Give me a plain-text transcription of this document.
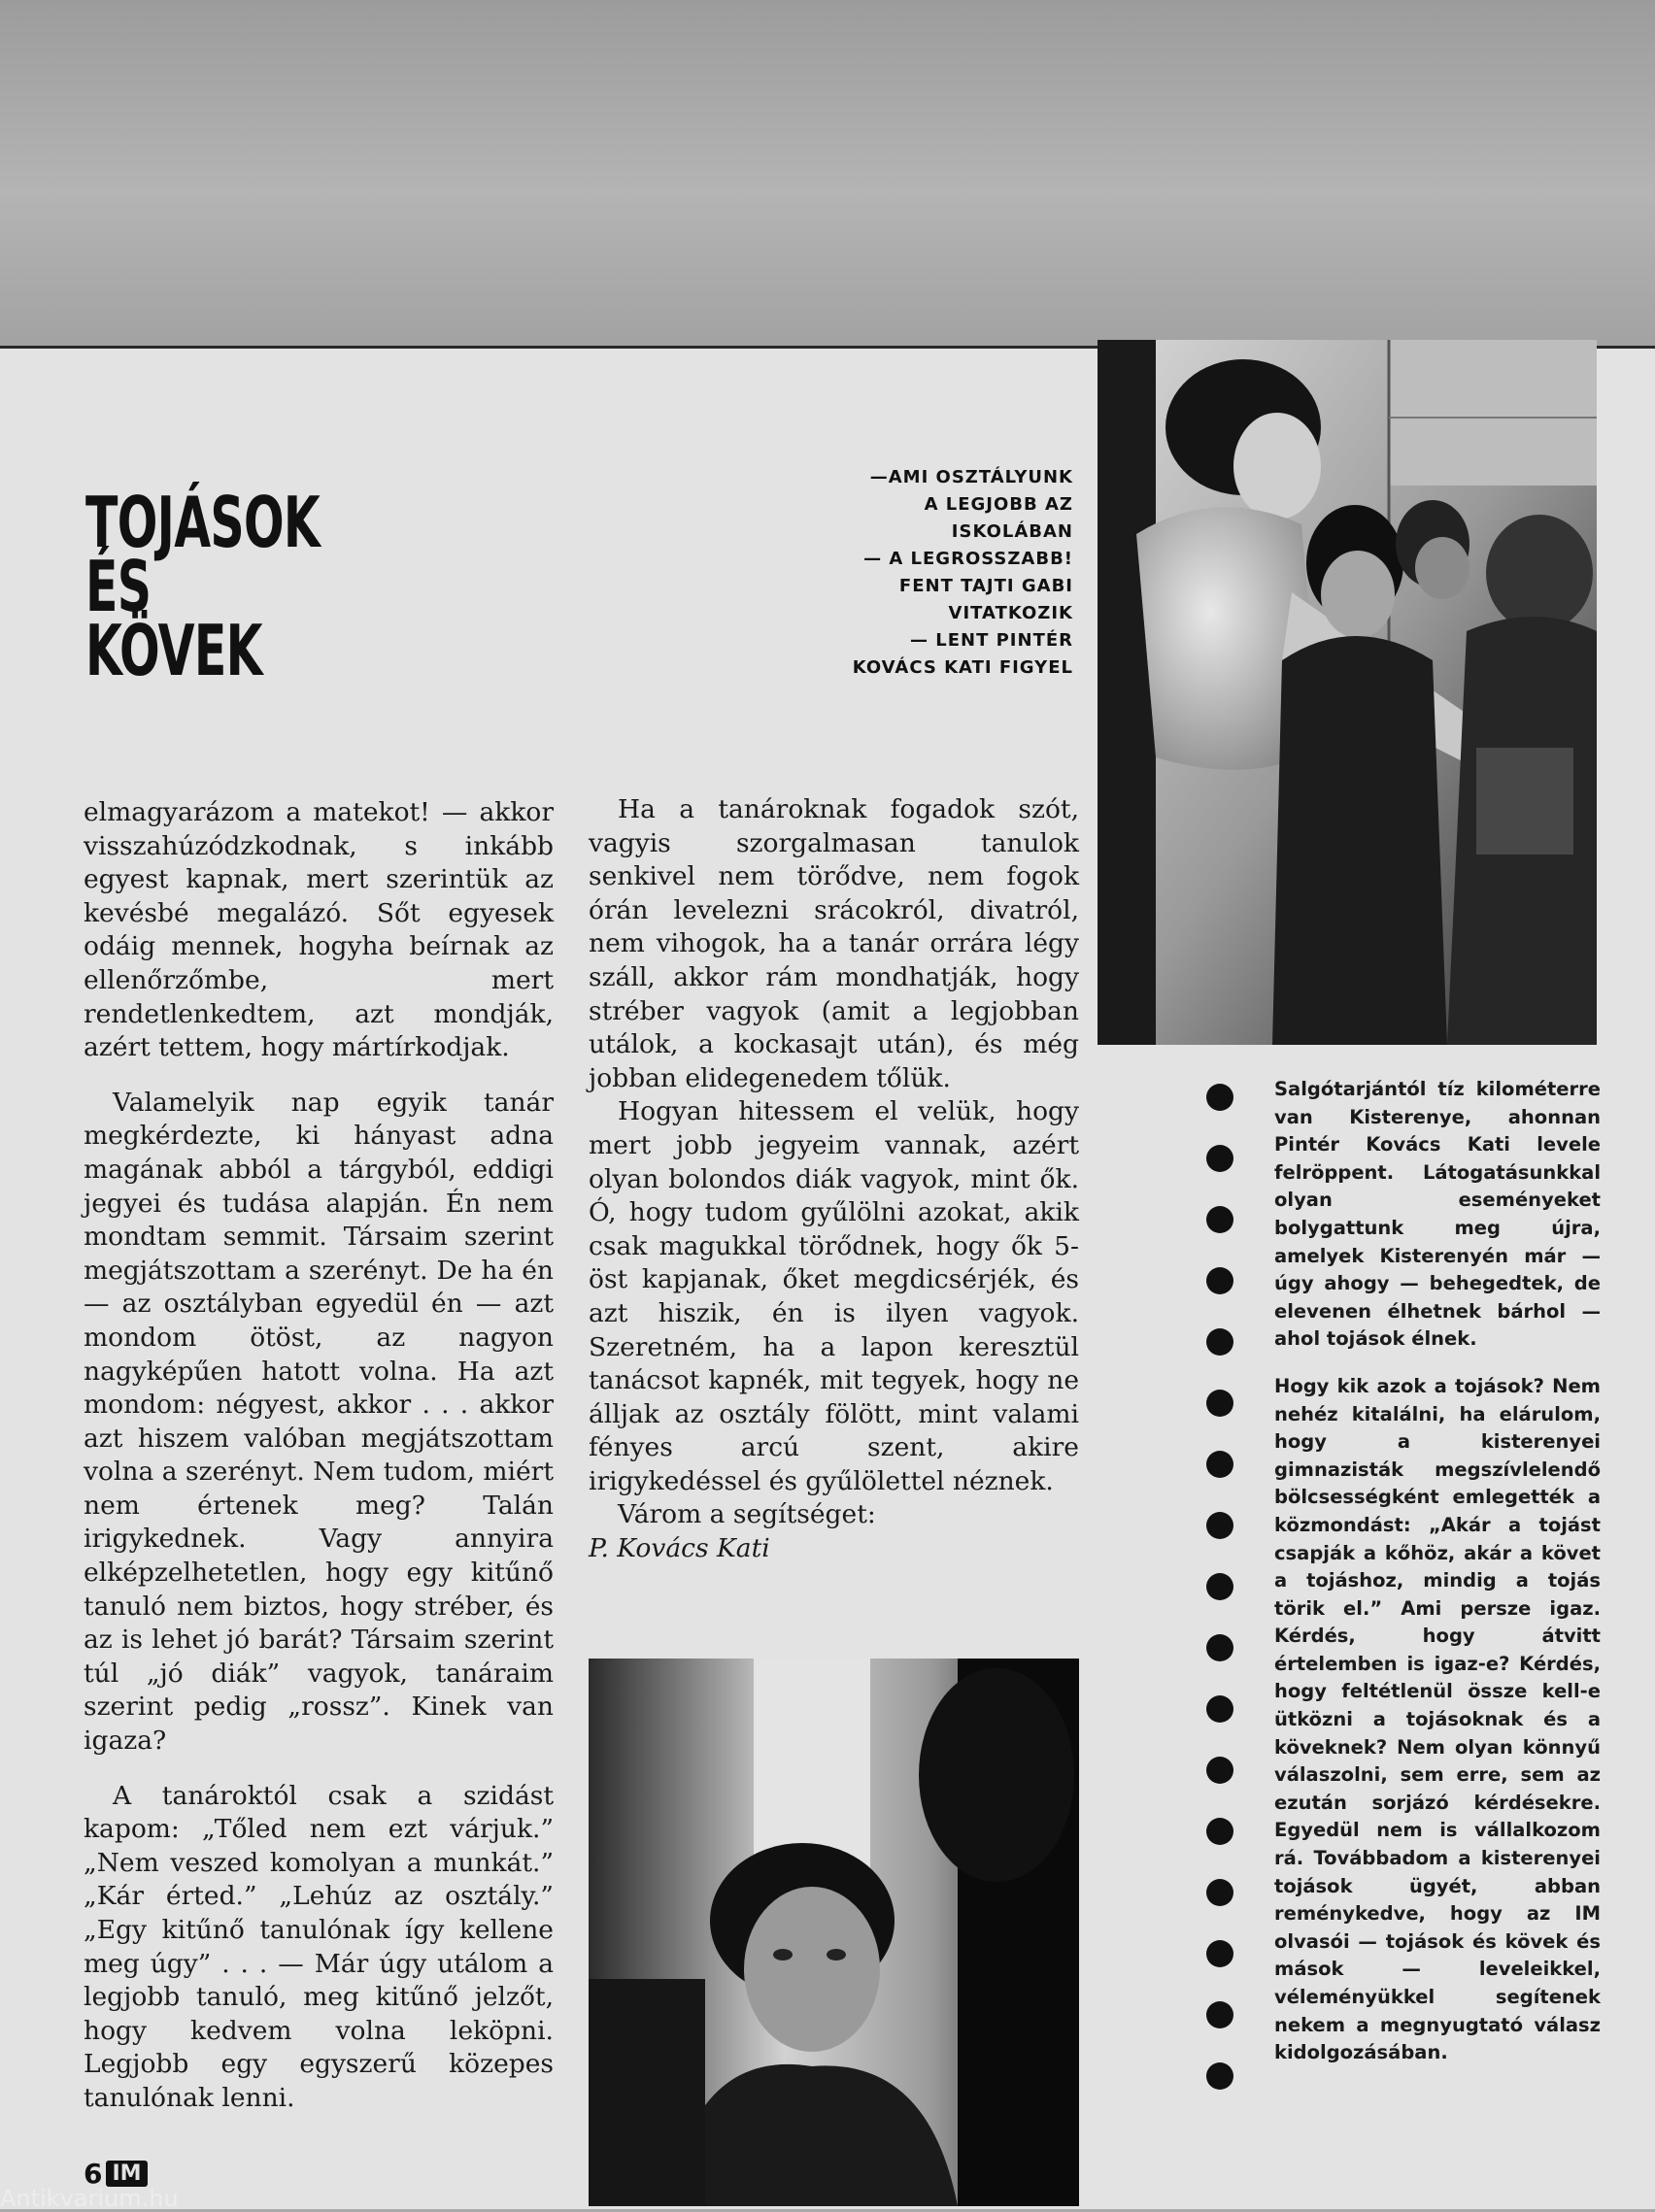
TOJÁSOK
ÉS
KÖVEK
—AMI OSZTÁLYUNK
A LEGJOBB AZ
ISKOLÁBAN
— A LEGROSSZABB!
FENT TAJTI GABI
VITATKOZIK
— LENT PINTÉR
KOVÁCS KATI FIGYEL

elmagyarázom a matekot! — akkor visszahúzódzkodnak, s inkább egyest kapnak, mert szerintük az kevésbé megalázó. Sőt egyesek odáig mennek, hogyha beírnak az ellenőrzőmbe, mert rendetlenkedtem, azt mondják, azért tettem, hogy mártírkodjak.

Valamelyik nap egyik tanár megkérdezte, ki hányast adna magának abból a tárgyból, eddigi jegyei és tudása alapján. Én nem mondtam semmit. Társaim szerint megjátszottam a szerényt. De ha én — az osztályban egyedül én — azt mondom ötöst, az nagyon nagyképűen hatott volna. Ha azt mondom: négyest, akkor . . . akkor azt hiszem valóban megjátszottam volna a szerényt. Nem tudom, miért nem értenek meg? Talán irigykednek. Vagy annyira elképzelhetetlen, hogy egy kitűnő tanuló nem biztos, hogy stréber, és az is lehet jó barát? Társaim szerint túl „jó diák” vagyok, tanáraim szerint pedig „rossz”. Kinek van igaza?

A tanároktól csak a szidást kapom: „Tőled nem ezt várjuk.” „Nem veszed komolyan a munkát.” „Kár érted.” „Lehúz az osztály.” „Egy kitűnő tanulónak így kellene meg úgy” . . . — Már úgy utálom a legjobb tanuló, meg kitűnő jelzőt, hogy kedvem volna leköpni. Legjobb egy egyszerű közepes tanulónak lenni.

Ha a tanároknak fogadok szót, vagyis szorgalmasan tanulok senkivel nem törődve, nem fogok órán levelezni srácokról, divatról, nem vihogok, ha a tanár orrára légy száll, akkor rám mondhatják, hogy stréber vagyok (amit a legjobban utálok, a kockasajt után), és még jobban elidegenedem tőlük.

Hogyan hitessem el velük, hogy mert jobb jegyeim vannak, azért olyan bolondos diák vagyok, mint ők. Ó, hogy tudom gyűlölni azokat, akik csak magukkal törődnek, hogy ők 5-öst kapjanak, őket megdicsérjék, és azt hiszik, én is ilyen vagyok. Szeretném, ha a lapon keresztül tanácsot kapnék, mit tegyek, hogy ne álljak az osztály fölött, mint valami fényes arcú szent, akire irigykedéssel és gyűlölettel néznek.

Várom a segítséget:

P. Kovács Kati

Salgótarjántól tíz kilométerre van Kisterenye, ahonnan Pintér Kovács Kati levele felröppent. Látogatásunkkal olyan eseményeket bolygattunk meg újra, amelyek Kisterenyén már — úgy ahogy — behegedtek, de elevenen élhetnek bárhol — ahol tojások élnek.

Hogy kik azok a tojások? Nem nehéz kitalálni, ha elárulom, hogy a kisterenyei gimnazisták megszívlelendő bölcsességként emlegették a közmondást: „Akár a tojást csapják a kőhöz, akár a követ a tojáshoz, mindig a tojás törik el.” Ami persze igaz. Kérdés, hogy átvitt értelemben is igaz-e? Kérdés, hogy feltétlenül össze kell-e ütközni a tojásoknak és a köveknek? Nem olyan könnyű válaszolni, sem erre, sem az ezután sorjázó kérdésekre. Egyedül nem is vállalkozom rá. Továbbadom a kisterenyei tojások ügyét, abban reménykedve, hogy az IM olvasói — tojások és kövek és mások — leveleikkel, véleményükkel segítenek nekem a megnyugtató válasz kidolgozásában.

6 IM
Antikvarium.hu
